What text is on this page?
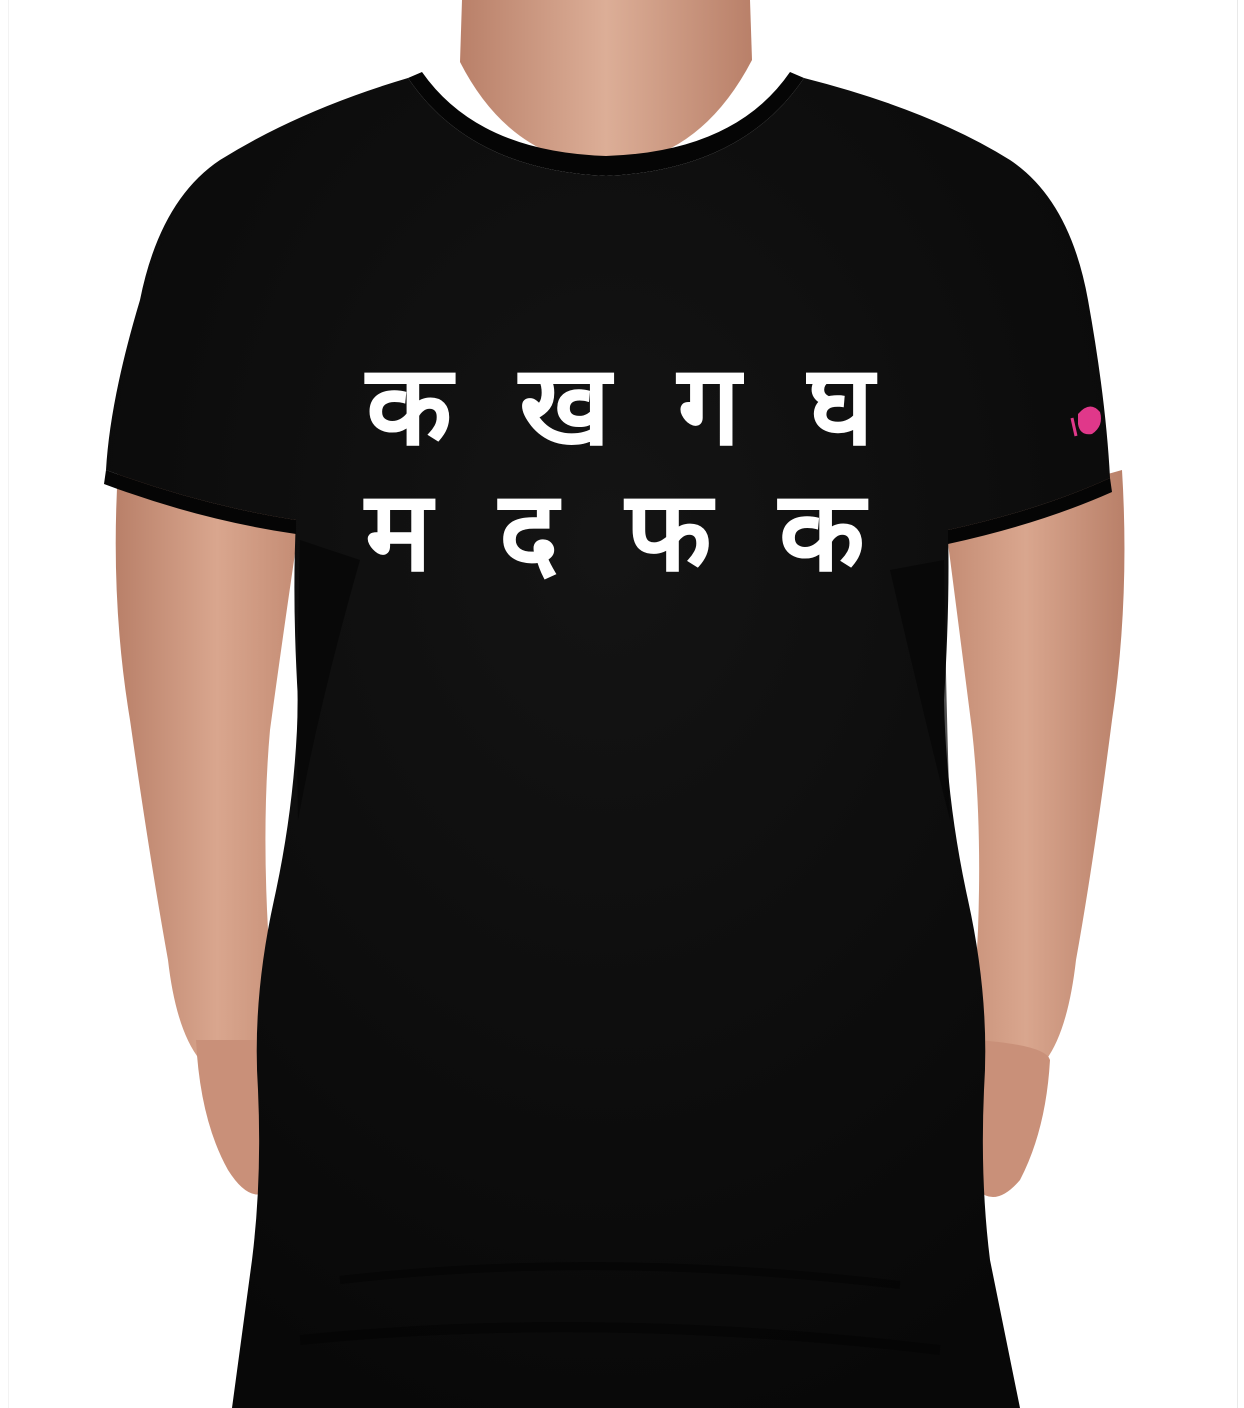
क ख ग घ
म द फ क
